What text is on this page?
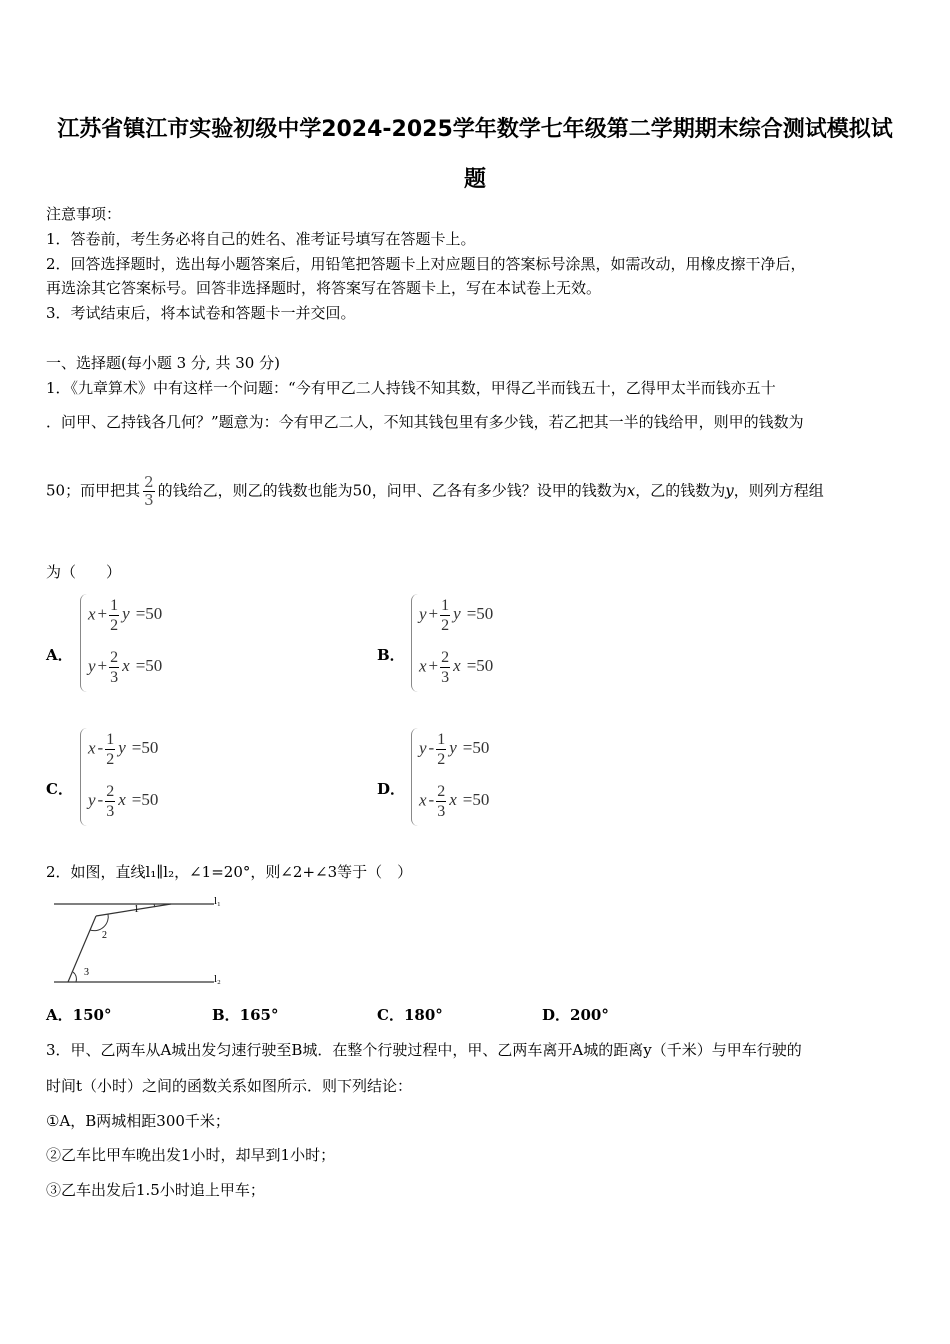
江苏省镇江市实验初级中学2024-2025学年数学七年级第二学期期末综合测试模拟试
题
注意事项：
1．答卷前，考生务必将自己的姓名、准考证号填写在答题卡上。
2．回答选择题时，选出每小题答案后，用铅笔把答题卡上对应题目的答案标号涂黑，如需改动，用橡皮擦干净后，
再选涂其它答案标号。回答非选择题时，将答案写在答题卡上，写在本试卷上无效。
3．考试结束后，将本试卷和答题卡一并交回。
一、选择题(每小题 3 分, 共 30 分)
1．《九章算术》中有这样一个问题：“今有甲乙二人持钱不知其数，甲得乙半而钱五十，乙得甲太半而钱亦五十
．问甲、乙持钱各几何？”题意为：今有甲乙二人，不知其钱包里有多少钱，若乙把其一半的钱给甲，则甲的钱数为
50；而甲把其 $\frac{2}{3}$ 的钱给乙，则乙的钱数也能为50，问甲、乙各有多少钱？设甲的钱数为x，乙的钱数为y，则列方程组
为（　　）
A．
$x + \frac{1}{2}$ y =50
$y + \frac{2}{3}$ x =50
B．
$y + \frac{1}{2}$ y =50
$x + \frac{2}{3}$ x =50
C．
x - $\frac{1}{2}$ y =50
y - $\frac{2}{3}$ x =50
D．
y - $\frac{1}{2}$ y =50
x - $\frac{2}{3}$ x =50
2．如图，直线l₁∥l₂，∠1=20°，则∠2+∠3等于（　）
l₁
l₂
1
2
3
A．150°	B．165°	C．180°	D．200°
3．甲、乙两车从A城出发匀速行驶至B城．在整个行驶过程中，甲、乙两车离开A城的距离y（千米）与甲车行驶的
时间t（小时）之间的函数关系如图所示．则下列结论：
①A，B两城相距300千米；
②乙车比甲车晚出发1小时，却早到1小时；
③乙车出发后1.5小时追上甲车；
